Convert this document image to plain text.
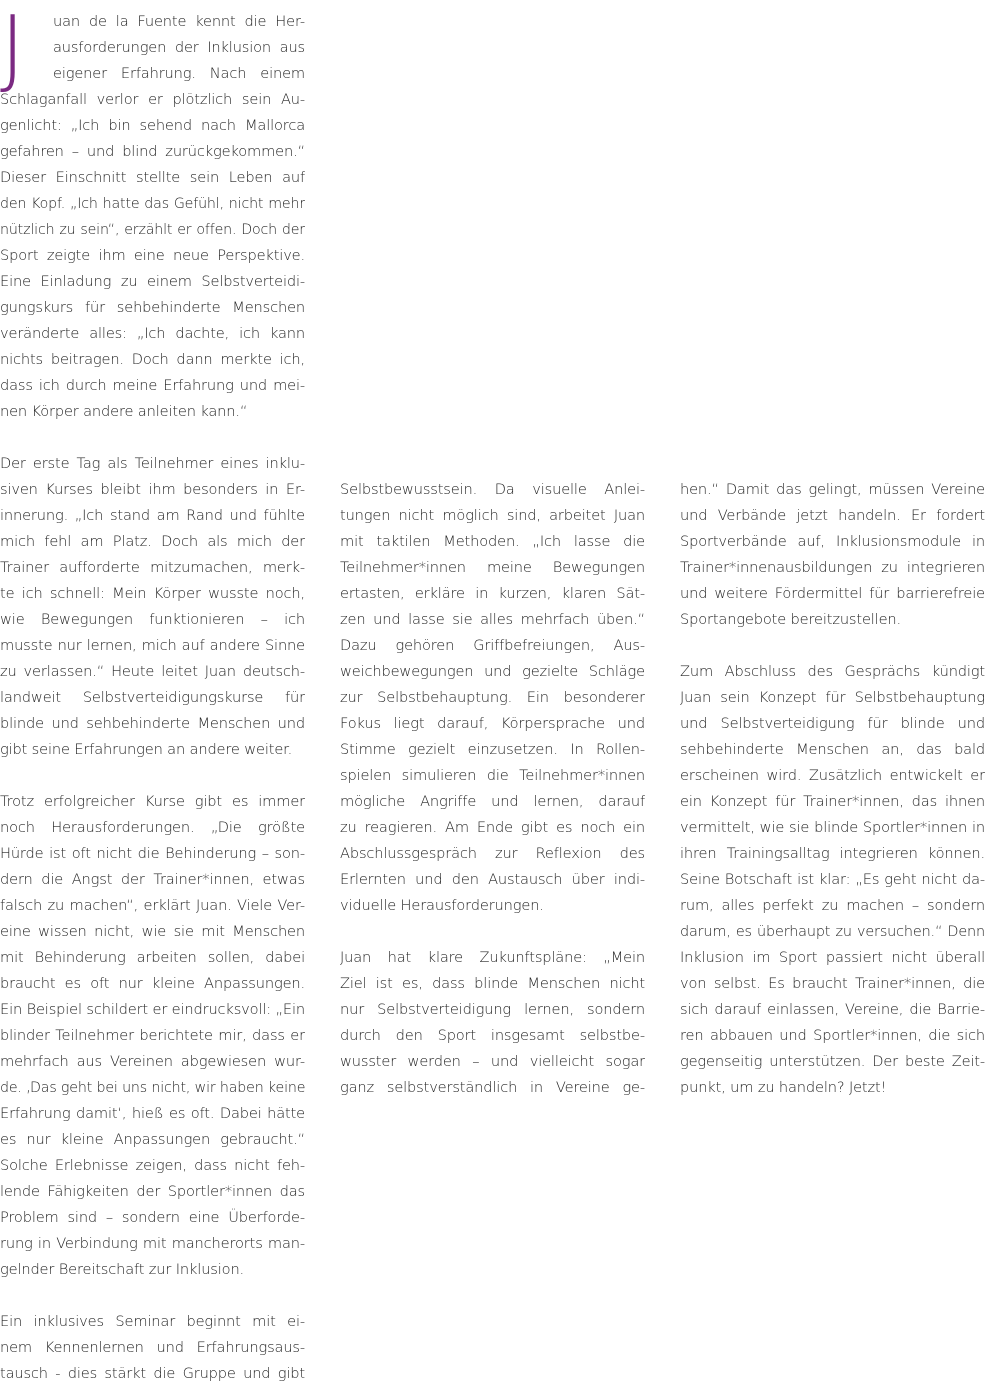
J uan de la Fuente kennt die Her-
ausforderungen der Inklusion aus
eigener Erfahrung. Nach einem
Schlaganfall verlor er plötzlich sein Au-
genlicht: „Ich bin sehend nach Mallorca
gefahren – und blind zurückgekommen.“
Dieser Einschnitt stellte sein Leben auf
den Kopf. „Ich hatte das Gefühl, nicht mehr
nützlich zu sein“, erzählt er offen. Doch der
Sport zeigte ihm eine neue Perspektive.
Eine Einladung zu einem Selbstverteidi-
gungskurs für sehbehinderte Menschen
veränderte alles: „Ich dachte, ich kann
nichts beitragen. Doch dann merkte ich,
dass ich durch meine Erfahrung und mei-
nen Körper andere anleiten kann.“
Der erste Tag als Teilnehmer eines inklu-
siven Kurses bleibt ihm besonders in Er-
innerung. „Ich stand am Rand und fühlte
mich fehl am Platz. Doch als mich der
Trainer aufforderte mitzumachen, merk-
te ich schnell: Mein Körper wusste noch,
wie Bewegungen funktionieren – ich
musste nur lernen, mich auf andere Sinne
zu verlassen.“ Heute leitet Juan deutsch-
landweit Selbstverteidigungskurse für
blinde und sehbehinderte Menschen und
gibt seine Erfahrungen an andere weiter.
Trotz erfolgreicher Kurse gibt es immer
noch Herausforderungen. „Die größte
Hürde ist oft nicht die Behinderung – son-
dern die Angst der Trainer*innen, etwas
falsch zu machen“, erklärt Juan. Viele Ver-
eine wissen nicht, wie sie mit Menschen
mit Behinderung arbeiten sollen, dabei
braucht es oft nur kleine Anpassungen.
Ein Beispiel schildert er eindrucksvoll: „Ein
blinder Teilnehmer berichtete mir, dass er
mehrfach aus Vereinen abgewiesen wur-
de. ‚Das geht bei uns nicht, wir haben keine
Erfahrung damit‘, hieß es oft. Dabei hätte
es nur kleine Anpassungen gebraucht.“
Solche Erlebnisse zeigen, dass nicht feh-
lende Fähigkeiten der Sportler*innen das
Problem sind – sondern eine Überforde-
rung in Verbindung mit mancherorts man-
gelnder Bereitschaft zur Inklusion.
Ein inklusives Seminar beginnt mit ei-
nem Kennenlernen und Erfahrungsaus-
tausch - dies stärkt die Gruppe und gibt
Selbstbewusstsein. Da visuelle Anlei-
tungen nicht möglich sind, arbeitet Juan
mit taktilen Methoden. „Ich lasse die
Teilnehmer*innen meine Bewegungen
ertasten, erkläre in kurzen, klaren Sät-
zen und lasse sie alles mehrfach üben.“
Dazu gehören Griffbefreiungen, Aus-
weichbewegungen und gezielte Schläge
zur Selbstbehauptung. Ein besonderer
Fokus liegt darauf, Körpersprache und
Stimme gezielt einzusetzen. In Rollen-
spielen simulieren die Teilnehmer*innen
mögliche Angriffe und lernen, darauf
zu reagieren. Am Ende gibt es noch ein
Abschlussgespräch zur Reflexion des
Erlernten und den Austausch über indi-
viduelle Herausforderungen.
Juan hat klare Zukunftspläne: „Mein
Ziel ist es, dass blinde Menschen nicht
nur Selbstverteidigung lernen, sondern
durch den Sport insgesamt selbstbe-
wusster werden – und vielleicht sogar
ganz selbstverständlich in Vereine ge-
hen.“ Damit das gelingt, müssen Vereine
und Verbände jetzt handeln. Er fordert
Sportverbände auf, Inklusionsmodule in
Trainer*innenausbildungen zu integrieren
und weitere Fördermittel für barrierefreie
Sportangebote bereitzustellen.
Zum Abschluss des Gesprächs kündigt
Juan sein Konzept für Selbstbehauptung
und Selbstverteidigung für blinde und
sehbehinderte Menschen an, das bald
erscheinen wird. Zusätzlich entwickelt er
ein Konzept für Trainer*innen, das ihnen
vermittelt, wie sie blinde Sportler*innen in
ihren Trainingsalltag integrieren können.
Seine Botschaft ist klar: „Es geht nicht da-
rum, alles perfekt zu machen – sondern
darum, es überhaupt zu versuchen.“ Denn
Inklusion im Sport passiert nicht überall
von selbst. Es braucht Trainer*innen, die
sich darauf einlassen, Vereine, die Barrie-
ren abbauen und Sportler*innen, die sich
gegenseitig unterstützen. Der beste Zeit-
punkt, um zu handeln? Jetzt!
